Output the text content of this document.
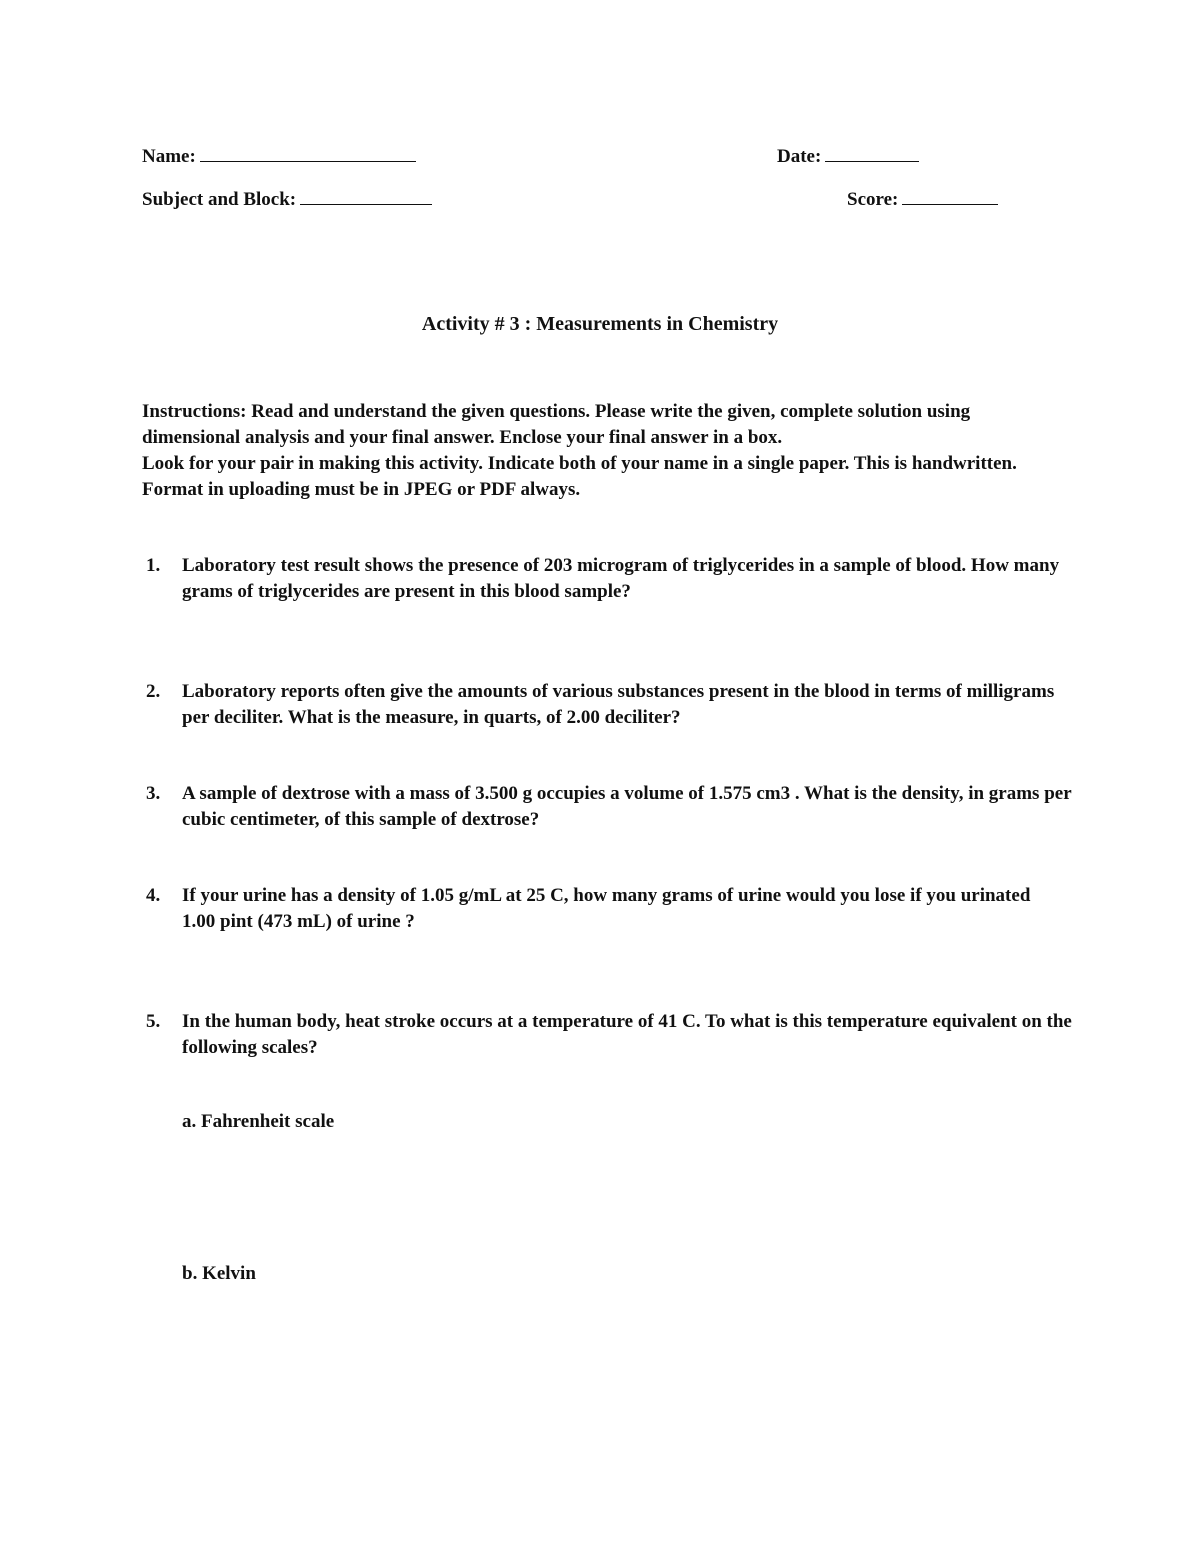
Name:	Date:
Subject and Block:	Score:
Activity # 3 : Measurements in Chemistry

Instructions: Read and understand the given questions. Please write the given, complete solution using dimensional analysis and your final answer. Enclose your final answer in a box.

Look for your pair in making this activity. Indicate both of your name in a single paper. This is handwritten. Format in uploading must be in JPEG or PDF always.

1. Laboratory test result shows the presence of 203 microgram of triglycerides in a sample of blood. How many grams of triglycerides are present in this blood sample?
2. Laboratory reports often give the amounts of various substances present in the blood in terms of milligrams per deciliter. What is the measure, in quarts, of 2.00 deciliter?
3. A sample of dextrose with a mass of 3.500 g occupies a volume of 1.575 cm3 . What is the density, in grams per cubic centimeter, of this sample of dextrose?
4. If your urine has a density of 1.05 g/mL at 25 C, how many grams of urine would you lose if you urinated   1.00 pint (473 mL) of urine ?
5. In the human body, heat stroke occurs at a temperature of 41 C. To what is this temperature equivalent on the following scales?
a. Fahrenheit scale
b. Kelvin
